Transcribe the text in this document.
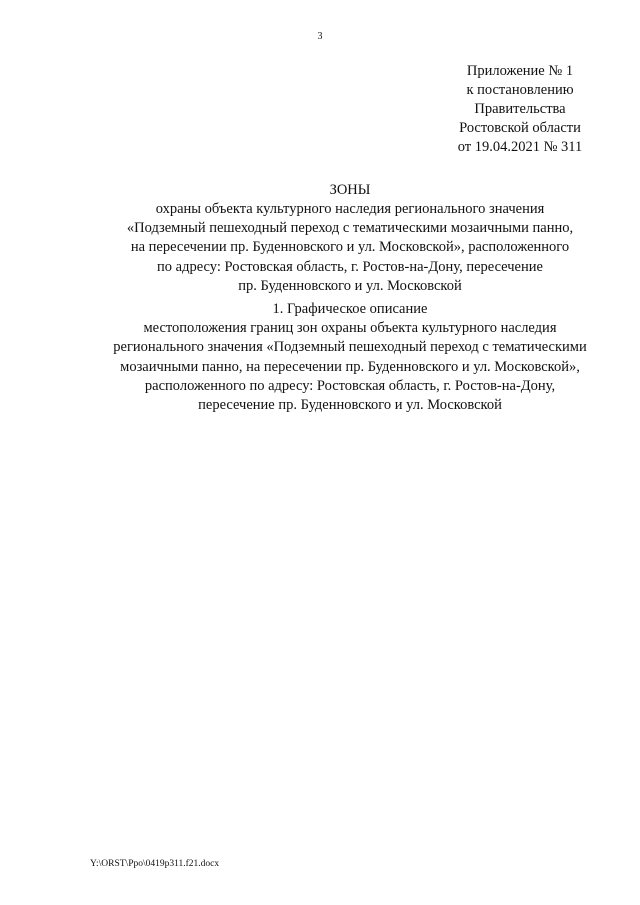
3
Приложение № 1
к постановлению
Правительства
Ростовской области
от 19.04.2021 № 311
ЗОНЫ
охраны объекта культурного наследия регионального значения
«Подземный пешеходный переход с тематическими мозаичными панно,
на пересечении пр. Буденновского и ул. Московской», расположенного
по адресу: Ростовская область, г. Ростов-на-Дону, пересечение
пр. Буденновского и ул. Московской
1. Графическое описание
местоположения границ зон охраны объекта культурного наследия
регионального значения «Подземный пешеходный переход с тематическими
мозаичными панно, на пересечении пр. Буденновского и ул. Московской»,
расположенного по адресу: Ростовская область, г. Ростов-на-Дону,
пересечение пр. Буденновского и ул. Московской
Y:\ORST\Ppo\0419p311.f21.docx
